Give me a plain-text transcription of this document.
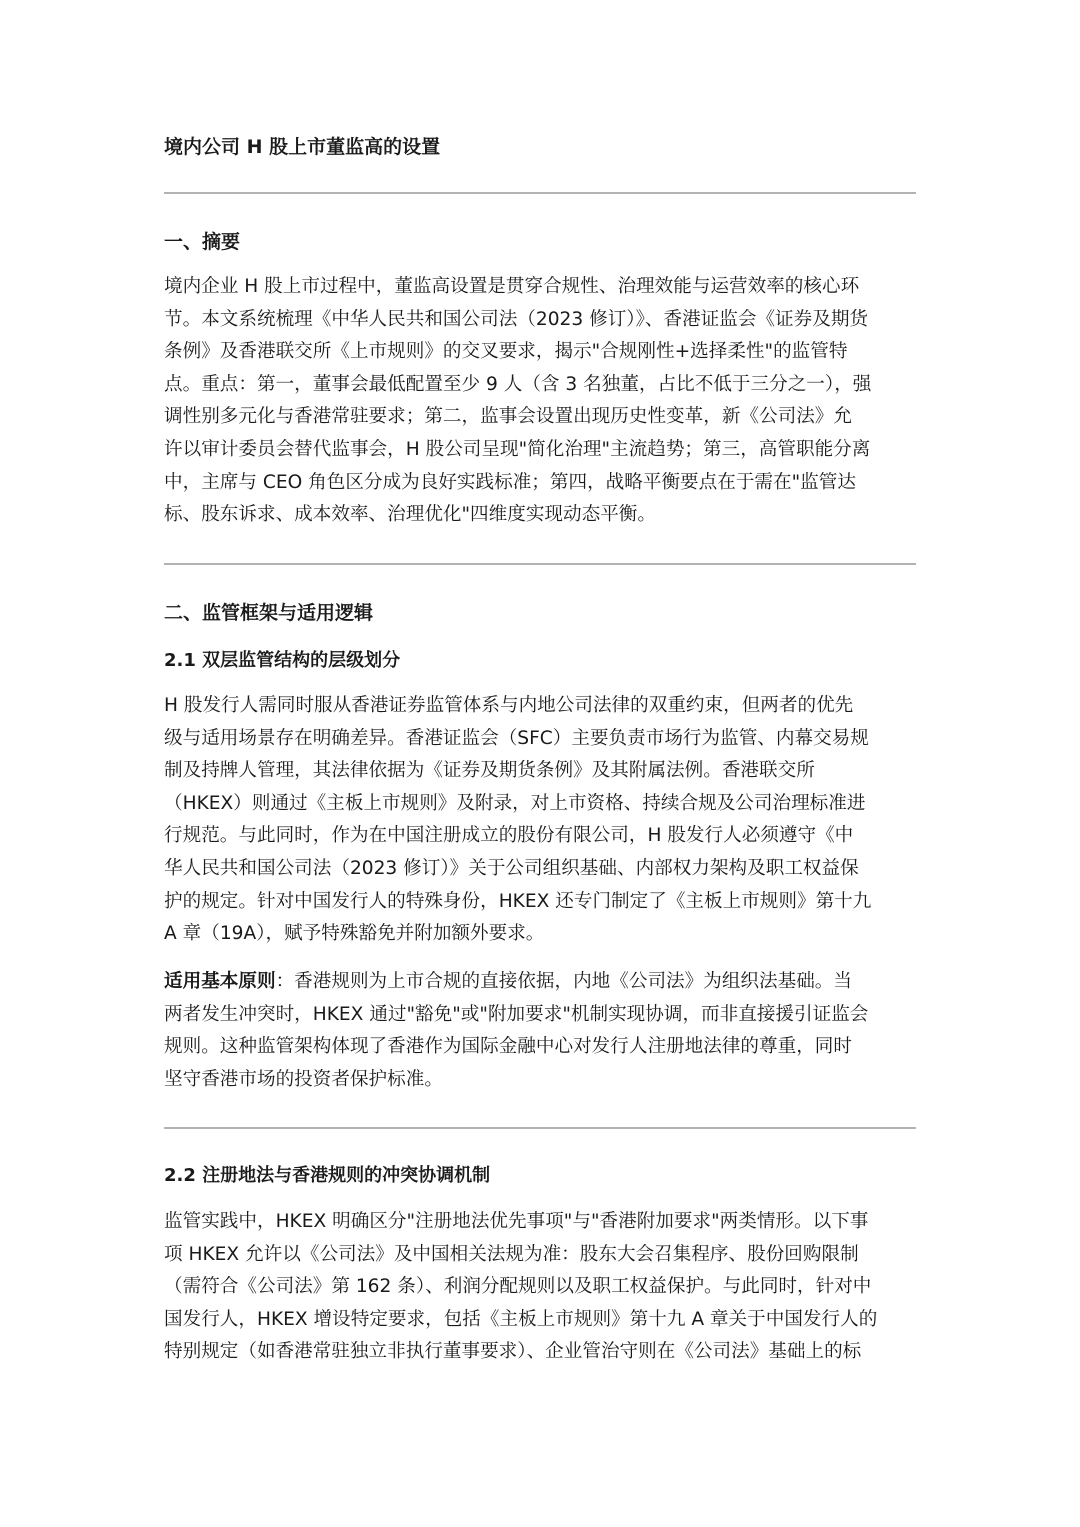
境内公司 H 股上市董监高的设置
一、摘要
境内企业 H 股上市过程中，董监高设置是贯穿合规性、治理效能与运营效率的核心环
节。本文系统梳理《中华人民共和国公司法（2023 修订）》、香港证监会《证券及期货
条例》及香港联交所《上市规则》的交叉要求，揭示"合规刚性+选择柔性"的监管特
点。重点：第一，董事会最低配置至少 9 人（含 3 名独董，占比不低于三分之一），强
调性别多元化与香港常驻要求；第二，监事会设置出现历史性变革，新《公司法》允
许以审计委员会替代监事会，H 股公司呈现"简化治理"主流趋势；第三，高管职能分离
中，主席与 CEO 角色区分成为良好实践标准；第四，战略平衡要点在于需在"监管达
标、股东诉求、成本效率、治理优化"四维度实现动态平衡。
二、监管框架与适用逻辑
2.1 双层监管结构的层级划分
H 股发行人需同时服从香港证券监管体系与内地公司法律的双重约束，但两者的优先
级与适用场景存在明确差异。香港证监会（SFC）主要负责市场行为监管、内幕交易规
制及持牌人管理，其法律依据为《证券及期货条例》及其附属法例。香港联交所
（HKEX）则通过《主板上市规则》及附录，对上市资格、持续合规及公司治理标准进
行规范。与此同时，作为在中国注册成立的股份有限公司，H 股发行人必须遵守《中
华人民共和国公司法（2023 修订）》关于公司组织基础、内部权力架构及职工权益保
护的规定。针对中国发行人的特殊身份，HKEX 还专门制定了《主板上市规则》第十九
A 章（19A），赋予特殊豁免并附加额外要求。
适用基本原则：香港规则为上市合规的直接依据，内地《公司法》为组织法基础。当
两者发生冲突时，HKEX 通过"豁免"或"附加要求"机制实现协调，而非直接援引证监会
规则。这种监管架构体现了香港作为国际金融中心对发行人注册地法律的尊重，同时
坚守香港市场的投资者保护标准。
2.2 注册地法与香港规则的冲突协调机制
监管实践中，HKEX 明确区分"注册地法优先事项"与"香港附加要求"两类情形。以下事
项 HKEX 允许以《公司法》及中国相关法规为准：股东大会召集程序、股份回购限制
（需符合《公司法》第 162 条）、利润分配规则以及职工权益保护。与此同时，针对中
国发行人，HKEX 增设特定要求，包括《主板上市规则》第十九 A 章关于中国发行人的
特别规定（如香港常驻独立非执行董事要求）、企业管治守则在《公司法》基础上的标
